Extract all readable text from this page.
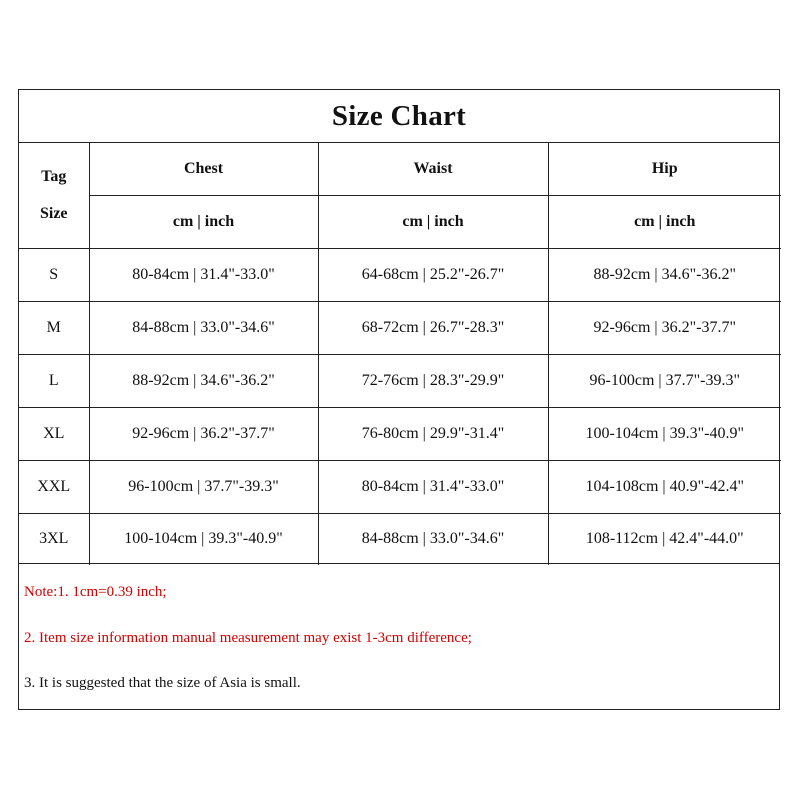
Size Chart
Tag
Size	Chest	Waist	Hip
	cm | inch	cm | inch	cm | inch
S	80-84cm | 31.4"-33.0"	64-68cm | 25.2"-26.7"	88-92cm | 34.6"-36.2"
M	84-88cm | 33.0"-34.6"	68-72cm | 26.7"-28.3"	92-96cm | 36.2"-37.7"
L	88-92cm | 34.6"-36.2"	72-76cm | 28.3"-29.9"	96-100cm | 37.7"-39.3"
XL	92-96cm | 36.2"-37.7"	76-80cm | 29.9"-31.4"	100-104cm | 39.3"-40.9"
XXL	96-100cm | 37.7"-39.3"	80-84cm | 31.4"-33.0"	104-108cm | 40.9"-42.4"
3XL	100-104cm | 39.3"-40.9"	84-88cm | 33.0"-34.6"	108-112cm | 42.4"-44.0"
Note:1. 1cm=0.39 inch;
2. Item size information manual measurement may exist 1-3cm difference;
3. It is suggested that the size of Asia is small.
